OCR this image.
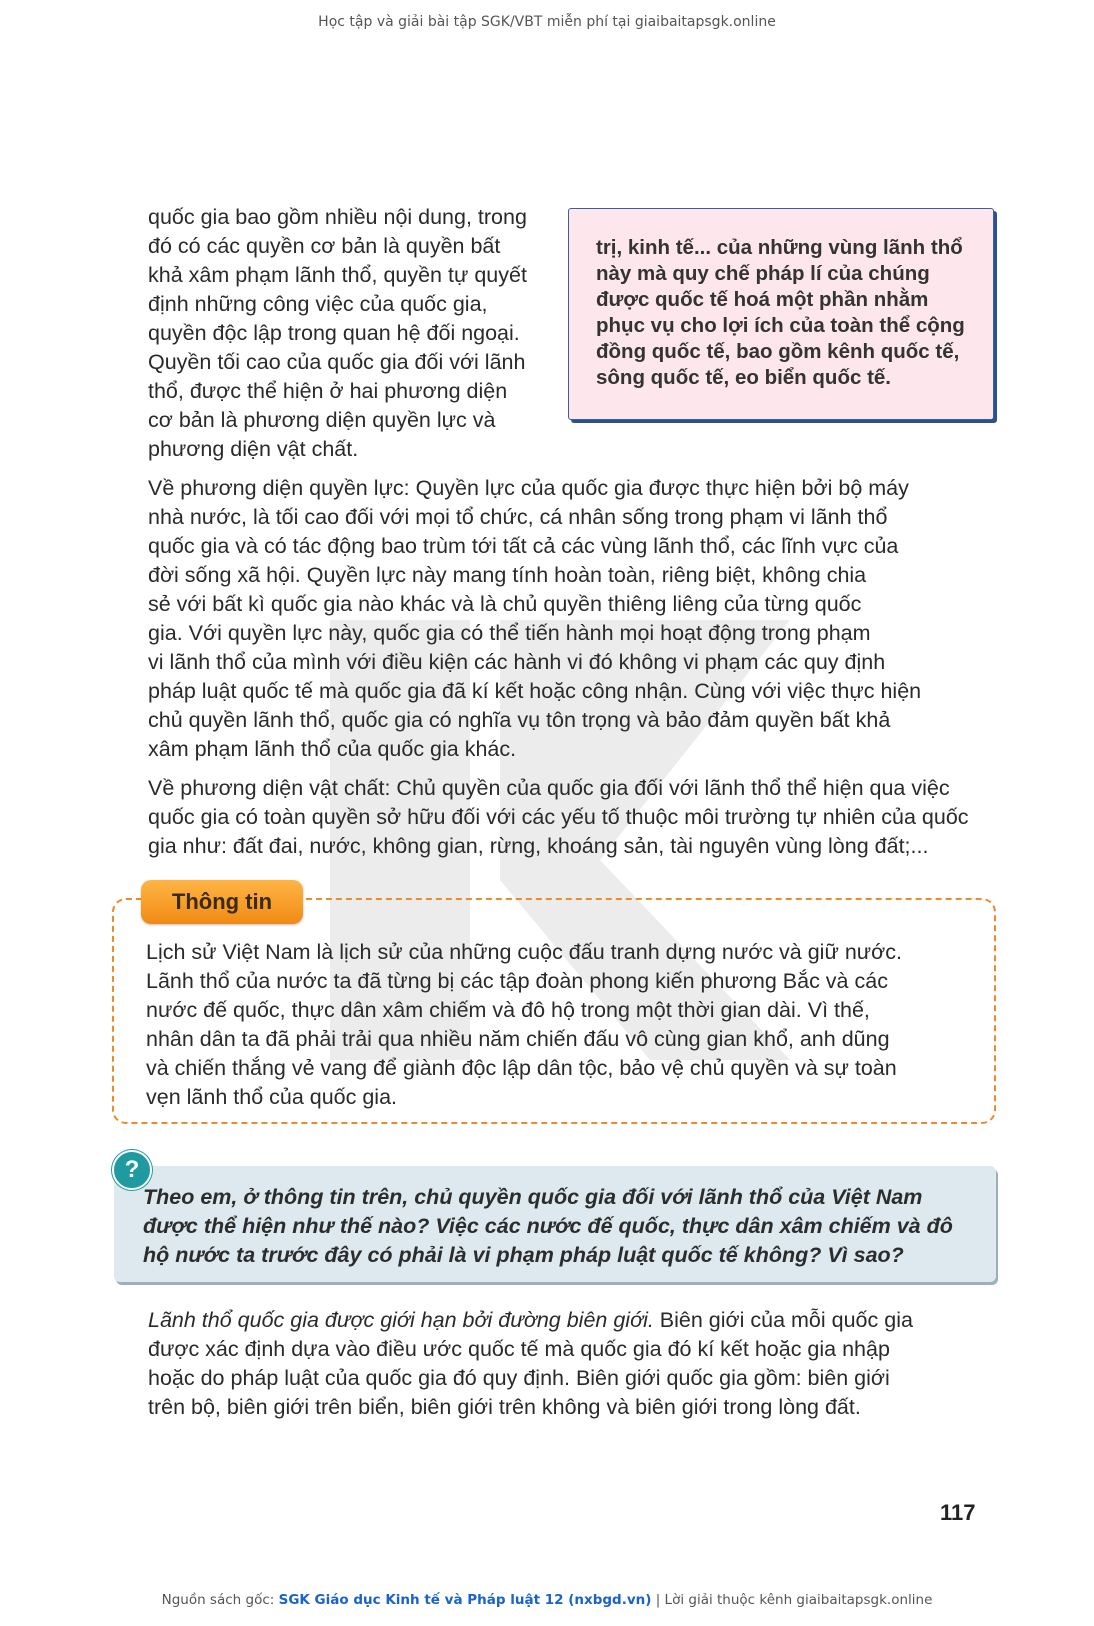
Học tập và giải bài tập SGK/VBT miễn phí tại giaibaitapsgk.online
quốc gia bao gồm nhiều nội dung, trong
đó có các quyền cơ bản là quyền bất
khả xâm phạm lãnh thổ, quyền tự quyết
định những công việc của quốc gia,
quyền độc lập trong quan hệ đối ngoại.
Quyền tối cao của quốc gia đối với lãnh
thổ, được thể hiện ở hai phương diện
cơ bản là phương diện quyền lực và
phương diện vật chất.

trị, kinh tế... của những vùng lãnh thổ
này mà quy chế pháp lí của chúng
được quốc tế hoá một phần nhằm
phục vụ cho lợi ích của toàn thể cộng
đồng quốc tế, bao gồm kênh quốc tế,
sông quốc tế, eo biển quốc tế.

Về phương diện quyền lực: Quyền lực của quốc gia được thực hiện bởi bộ máy
nhà nước, là tối cao đối với mọi tổ chức, cá nhân sống trong phạm vi lãnh thổ
quốc gia và có tác động bao trùm tới tất cả các vùng lãnh thổ, các lĩnh vực của
đời sống xã hội. Quyền lực này mang tính hoàn toàn, riêng biệt, không chia
sẻ với bất kì quốc gia nào khác và là chủ quyền thiêng liêng của từng quốc
gia. Với quyền lực này, quốc gia có thể tiến hành mọi hoạt động trong phạm
vi lãnh thổ của mình với điều kiện các hành vi đó không vi phạm các quy định
pháp luật quốc tế mà quốc gia đã kí kết hoặc công nhận. Cùng với việc thực hiện
chủ quyền lãnh thổ, quốc gia có nghĩa vụ tôn trọng và bảo đảm quyền bất khả
xâm phạm lãnh thổ của quốc gia khác.
Về phương diện vật chất: Chủ quyền của quốc gia đối với lãnh thổ thể hiện qua việc
quốc gia có toàn quyền sở hữu đối với các yếu tố thuộc môi trường tự nhiên của quốc
gia như: đất đai, nước, không gian, rừng, khoáng sản, tài nguyên vùng lòng đất;...
Thông tin
Lịch sử Việt Nam là lịch sử của những cuộc đấu tranh dựng nước và giữ nước.
Lãnh thổ của nước ta đã từng bị các tập đoàn phong kiến phương Bắc và các
nước đế quốc, thực dân xâm chiếm và đô hộ trong một thời gian dài. Vì thế,
nhân dân ta đã phải trải qua nhiều năm chiến đấu vô cùng gian khổ, anh dũng
và chiến thắng vẻ vang để giành độc lập dân tộc, bảo vệ chủ quyền và sự toàn
vẹn lãnh thổ của quốc gia.
?

Theo em, ở thông tin trên, chủ quyền quốc gia đối với lãnh thổ của Việt Nam
được thể hiện như thế nào? Việc các nước đế quốc, thực dân xâm chiếm và đô
hộ nước ta trước đây có phải là vi phạm pháp luật quốc tế không? Vì sao?

Lãnh thổ quốc gia được giới hạn bởi đường biên giới. Biên giới của mỗi quốc gia
được xác định dựa vào điều ước quốc tế mà quốc gia đó kí kết hoặc gia nhập
hoặc do pháp luật của quốc gia đó quy định. Biên giới quốc gia gồm: biên giới
trên bộ, biên giới trên biển, biên giới trên không và biên giới trong lòng đất.
117
Nguồn sách gốc: SGK Giáo dục Kinh tế và Pháp luật 12 (nxbgd.vn) | Lời giải thuộc kênh giaibaitapsgk.online
